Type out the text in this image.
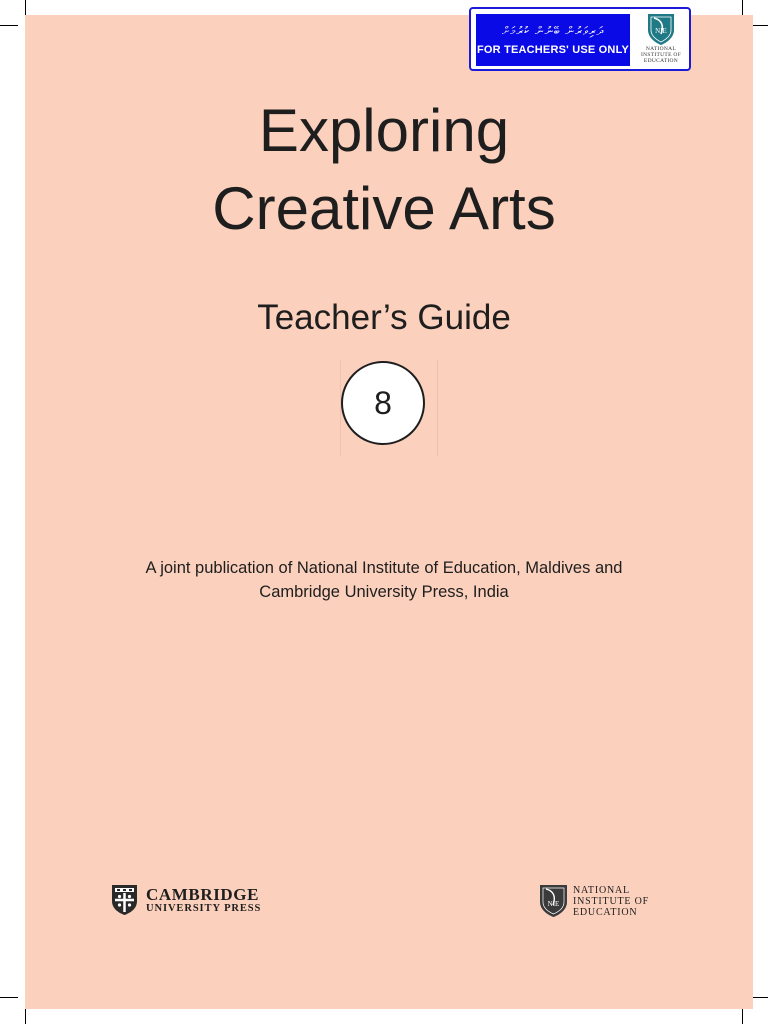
ދަރިވަރުން ބޭނުން ކުރުމަށް
FOR TEACHERS' USE ONLY
NIE
NATIONAL
INSTITUTE OF
EDUCATION
Exploring
Creative Arts
Teacher’s Guide
8
A joint publication of National Institute of Education, Maldives and
Cambridge University Press, India
CAMBRIDGE
UNIVERSITY PRESS	NIE
NATIONAL
INSTITUTE OF
EDUCATION
